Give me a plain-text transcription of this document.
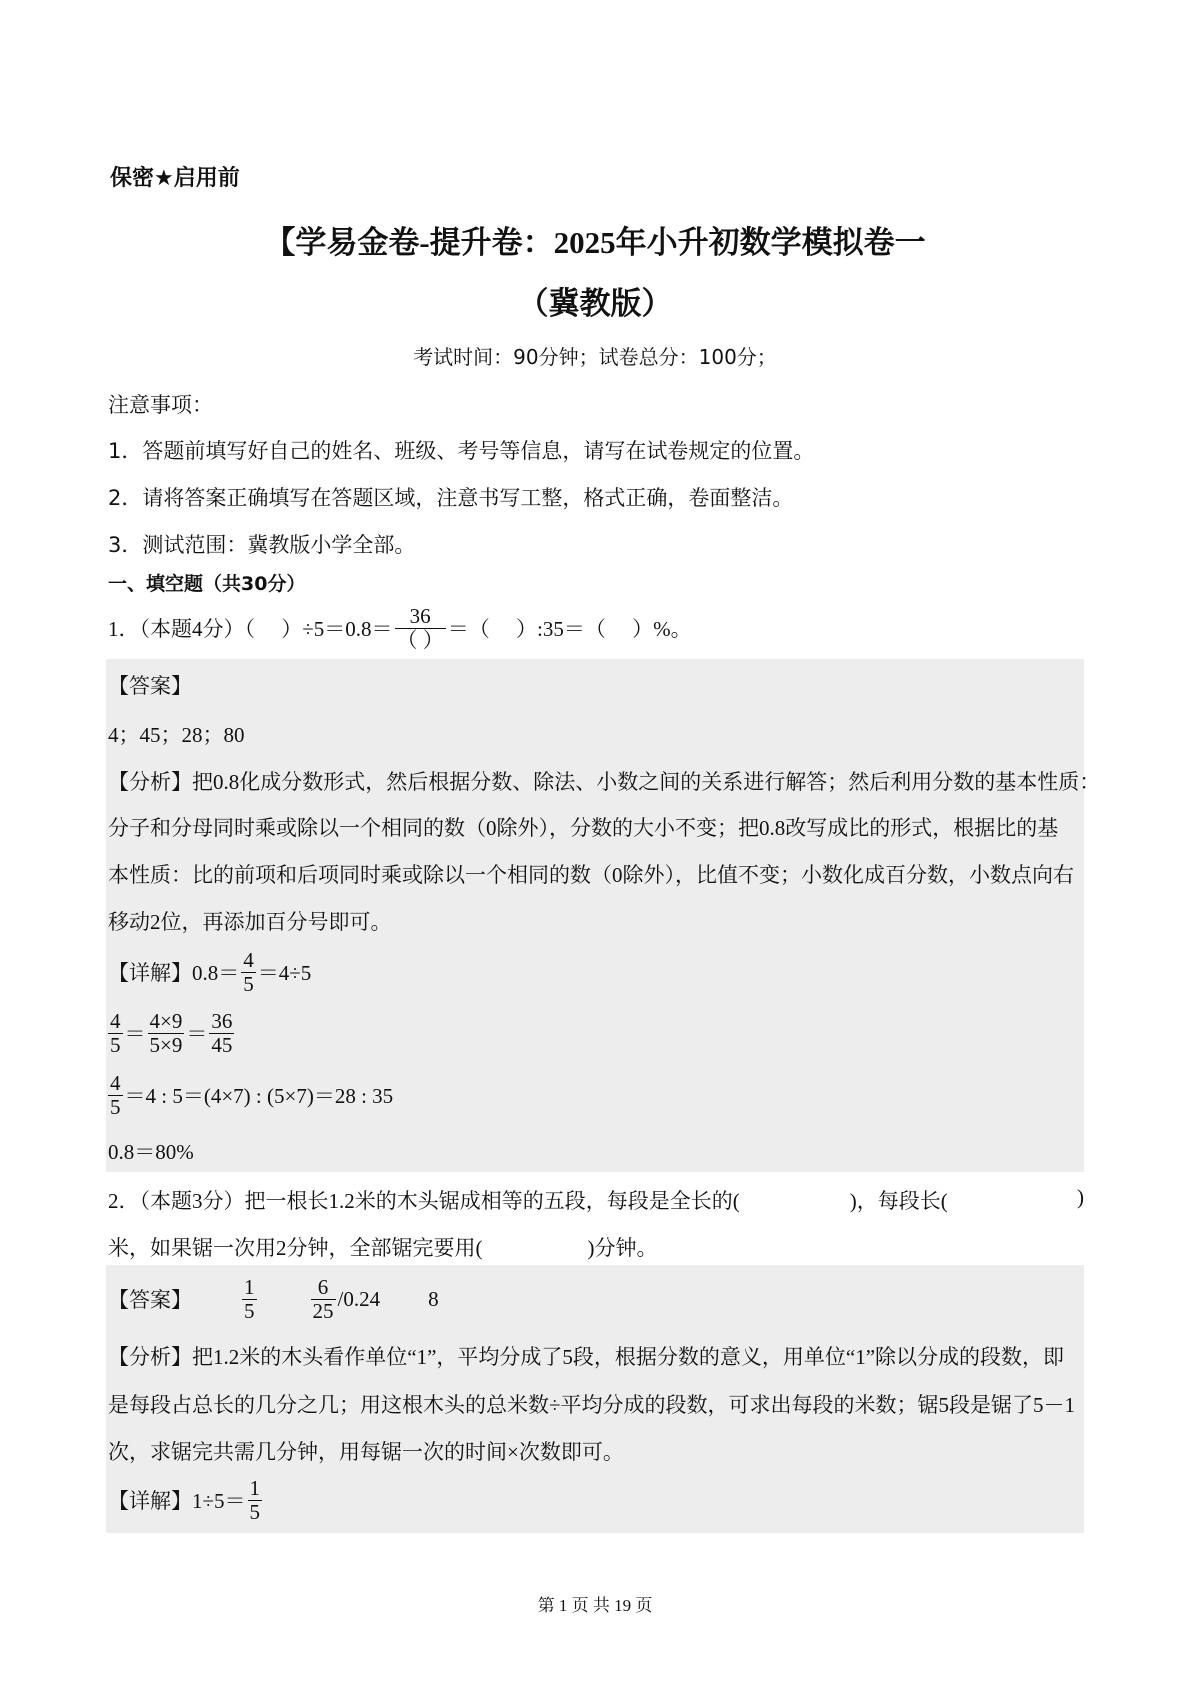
保密★启用前
【学易金卷-提升卷：2025年小升初数学模拟卷一
（冀教版）
考试时间：90分钟；试卷总分：100分；
注意事项：
1．答题前填写好自己的姓名、班级、考号等信息，请写在试卷规定的位置。
2．请将答案正确填写在答题区域，注意书写工整，格式正确，卷面整洁。
3．测试范围：冀教版小学全部。
一、填空题（共30分）
1．（本题4分）（　 ）$\div 5=0.8= \frac{36}{( )}$ ＝（　 ）:35＝（　 ）%。
【答案】
4；45；28；80
【分析】把0.8化成分数形式，然后根据分数、除法、小数之间的关系进行解答；然后利用分数的基本性质：
分子和分母同时乘或除以一个相同的数（0除外），分数的大小不变；把0.8改写成比的形式，根据比的基
本性质：比的前项和后项同时乘或除以一个相同的数（0除外），比值不变；小数化成百分数，小数点向右
移动2位，再添加百分号即可。
【详解】 $0.8= \frac{4}{5} =4\div 5$
$\frac{4}{5} = \frac{4\times 9}{5\times 9} = \frac{36}{45}$
$\frac{4}{5} =4$ : 5＝(4×7) : (5×7)＝28 : 35
0.8＝80%
2．（本题3分）把一根长1.2米的木头锯成相等的五段，每段是全长的(	)，每段长(	)
米，如果锯一次用2分钟，全部锯完要用(	)分钟。
【答案】 $\frac{1}{5}$	$\frac{6}{25} /0.24$ 8
【分析】把1.2米的木头看作单位“1”，平均分成了5段，根据分数的意义，用单位“1”除以分成的段数，即
是每段占总长的几分之几；用这根木头的总米数÷平均分成的段数，可求出每段的米数；锯5段是锯了5－1
次，求锯完共需几分钟，用每锯一次的时间×次数即可。
【详解】 $1\div 5= \frac{1}{5}$
第 1 页 共 19 页
